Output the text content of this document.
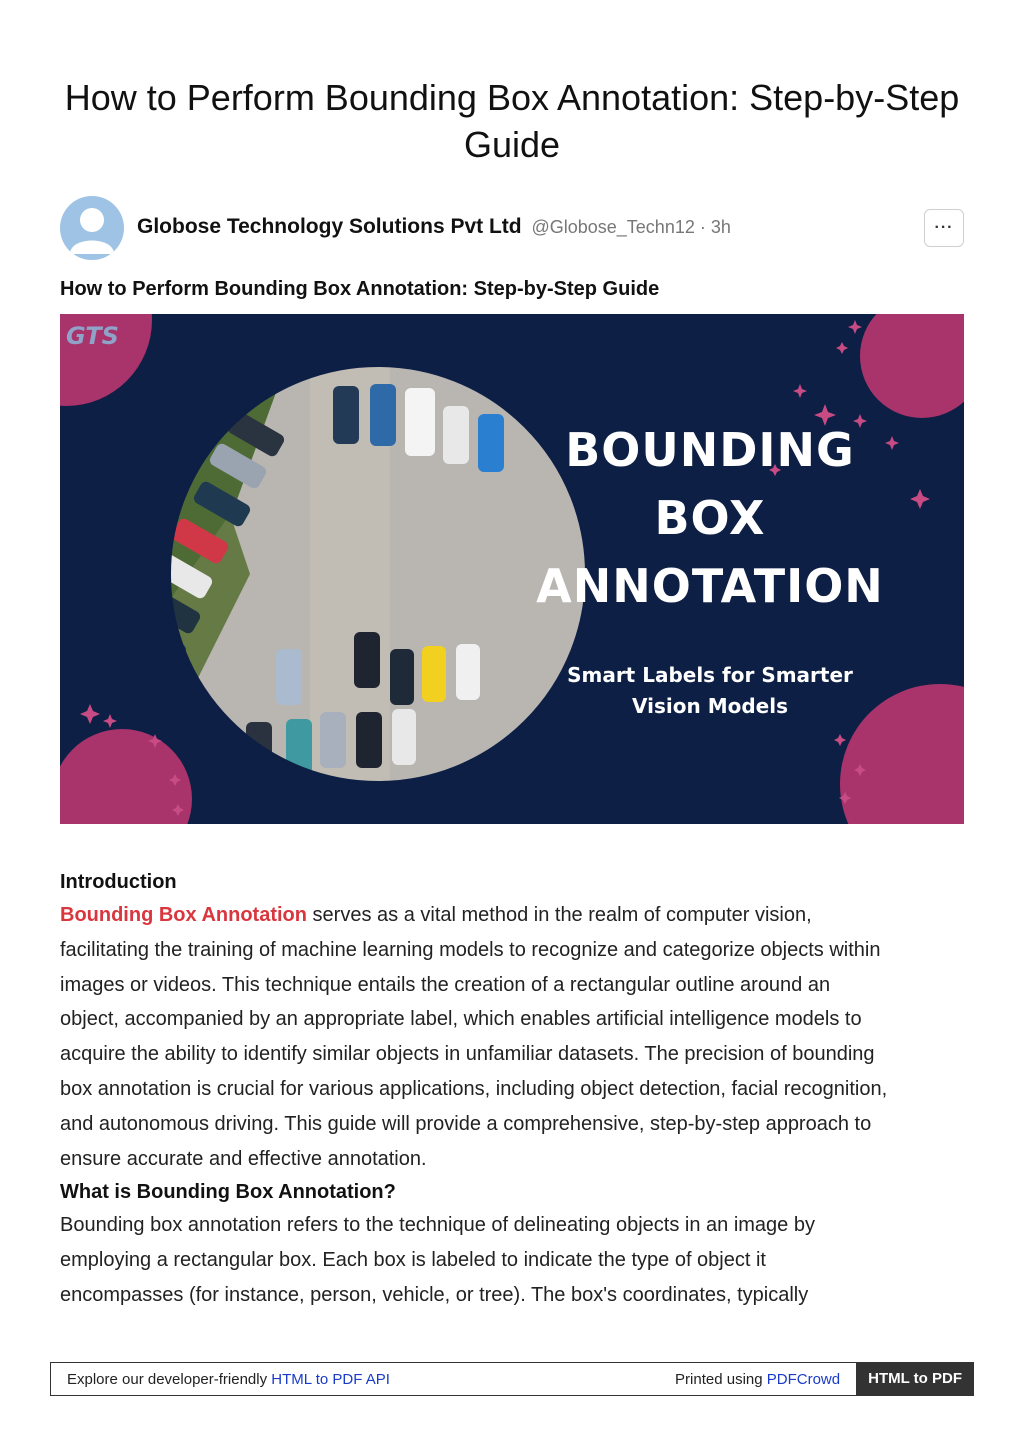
How to Perform Bounding Box Annotation: Step-by-Step Guide
Globose Technology Solutions Pvt Ltd @Globose_Techn12 · 3h	···
How to Perform Bounding Box Annotation: Step-by-Step Guide
GTS
BOUNDING
BOX
ANNOTATION
Smart Labels for Smarter
Vision Models
Introduction

Bounding Box Annotation serves as a vital method in the realm of computer vision,
facilitating the training of machine learning models to recognize and categorize objects within
images or videos. This technique entails the creation of a rectangular outline around an
object, accompanied by an appropriate label, which enables artificial intelligence models to
acquire the ability to identify similar objects in unfamiliar datasets. The precision of bounding
box annotation is crucial for various applications, including object detection, facial recognition,
and autonomous driving. This guide will provide a comprehensive, step-by-step approach to
ensure accurate and effective annotation.

What is Bounding Box Annotation?

Bounding box annotation refers to the technique of delineating objects in an image by
employing a rectangular box. Each box is labeled to indicate the type of object it
encompasses (for instance, person, vehicle, or tree). The box's coordinates, typically

Explore our developer-friendly HTML to PDF API	Printed using PDFCrowd	HTML to PDF
